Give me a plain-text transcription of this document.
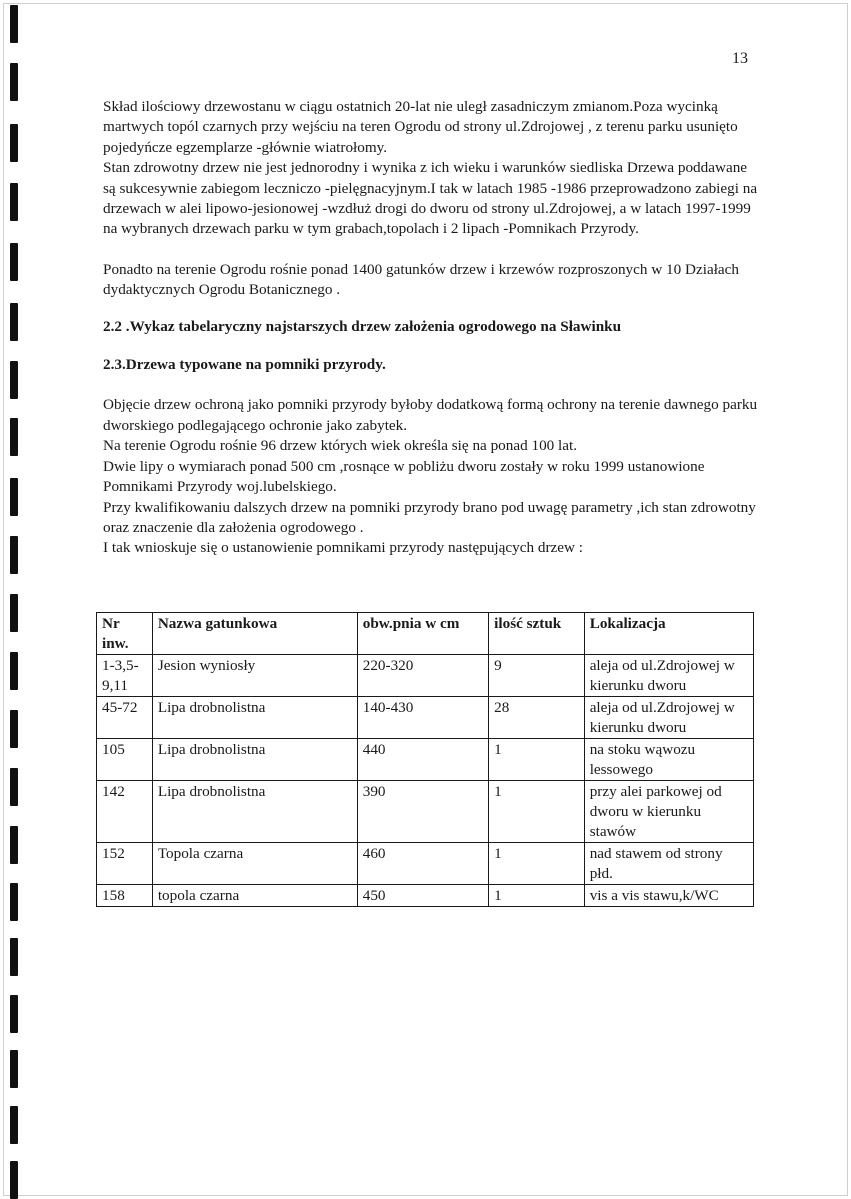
13

Skład ilościowy drzewostanu w ciągu ostatnich 20-lat nie uległ zasadniczym zmianom.Poza wycinką martwych topól czarnych przy wejściu na teren Ogrodu od strony ul.Zdrojowej , z terenu parku usunięto pojedyńcze egzemplarze -głównie wiatrołomy.

Stan zdrowotny drzew nie jest jednorodny i wynika z ich wieku i warunków siedliska Drzewa poddawane są sukcesywnie zabiegom leczniczo -pielęgnacyjnym.I tak w latach 1985 -1986 przeprowadzono zabiegi na drzewach w alei lipowo-jesionowej -wzdłuż drogi do dworu od strony ul.Zdrojowej, a w latach 1997-1999 na wybranych drzewach parku w tym grabach,topolach i 2 lipach -Pomnikach Przyrody.

Ponadto na terenie Ogrodu rośnie ponad 1400 gatunków drzew i krzewów rozproszonych w 10 Działach dydaktycznych Ogrodu Botanicznego .

2.2 .Wykaz tabelaryczny najstarszych drzew założenia ogrodowego na Sławinku

2.3.Drzewa typowane na pomniki przyrody.

Objęcie drzew ochroną jako pomniki przyrody byłoby dodatkową formą ochrony na terenie dawnego parku dworskiego podlegającego ochronie jako zabytek.

Na terenie Ogrodu rośnie 96 drzew których wiek określa się na ponad 100 lat.

Dwie lipy o wymiarach ponad 500 cm ,rosnące w pobliżu dworu zostały w roku 1999 ustanowione Pomnikami Przyrody woj.lubelskiego.

Przy kwalifikowaniu dalszych drzew na pomniki przyrody brano pod uwagę parametry ,ich stan zdrowotny oraz znaczenie dla założenia ogrodowego .

I tak wnioskuje się o ustanowienie pomnikami przyrody następujących drzew :

Nr inw.	Nazwa gatunkowa	obw.pnia w cm	ilość sztuk	Lokalizacja
1-3,5-9,11	Jesion wyniosły	220-320	9	aleja od ul.Zdrojowej w kierunku dworu
45-72	Lipa drobnolistna	140-430	28	aleja od ul.Zdrojowej w kierunku dworu
105	Lipa drobnolistna	440	1	na stoku wąwozu lessowego
142	Lipa drobnolistna	390	1	przy alei parkowej od dworu w kierunku stawów
152	Topola czarna	460	1	nad stawem od strony płd.
158	topola czarna	450	1	vis a vis stawu,k/WC
